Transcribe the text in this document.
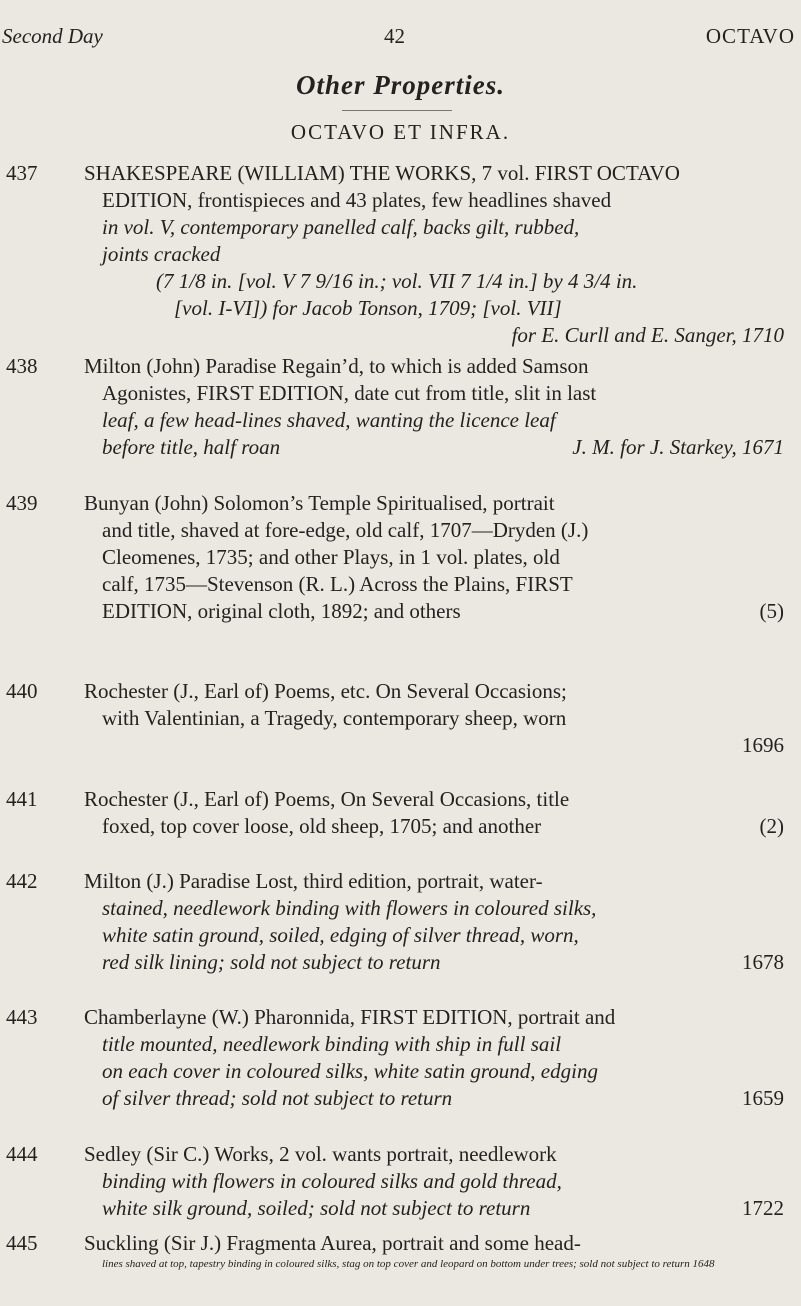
Second Day	42	OCTAVO
Other Properties.
OCTAVO ET INFRA.
437 SHAKESPEARE (WILLIAM) THE WORKS, 7 vol. FIRST OCTAVO
EDITION, frontispieces and 43 plates, few headlines shaved
in vol. V, contemporary panelled calf, backs gilt, rubbed,
joints cracked
(7 1/8 in. [vol. V 7 9/16 in.; vol. VII 7 1/4 in.] by 4 3/4 in.
[vol. I-VI]) for Jacob Tonson, 1709; [vol. VII]
for E. Curll and E. Sanger, 1710
438 Milton (John) Paradise Regain’d, to which is added Samson
Agonistes, FIRST EDITION, date cut from title, slit in last
leaf, a few head-lines shaved, wanting the licence leaf
before title, half roan	J. M. for J. Starkey, 1671
439 Bunyan (John) Solomon’s Temple Spiritualised, portrait
and title, shaved at fore-edge, old calf, 1707—Dryden (J.)
Cleomenes, 1735; and other Plays, in 1 vol. plates, old
calf, 1735—Stevenson (R. L.) Across the Plains, FIRST
EDITION, original cloth, 1892; and others	(5)
440 Rochester (J., Earl of) Poems, etc. On Several Occasions;
with Valentinian, a Tragedy, contemporary sheep, worn
1696
441 Rochester (J., Earl of) Poems, On Several Occasions, title
foxed, top cover loose, old sheep, 1705; and another	(2)
442 Milton (J.) Paradise Lost, third edition, portrait, water-
stained, needlework binding with flowers in coloured silks,
white satin ground, soiled, edging of silver thread, worn,
red silk lining; sold not subject to return	1678
443 Chamberlayne (W.) Pharonnida, FIRST EDITION, portrait and
title mounted, needlework binding with ship in full sail
on each cover in coloured silks, white satin ground, edging
of silver thread; sold not subject to return	1659
444 Sedley (Sir C.) Works, 2 vol. wants portrait, needlework
binding with flowers in coloured silks and gold thread,
white silk ground, soiled; sold not subject to return	1722
445 Suckling (Sir J.) Fragmenta Aurea, portrait and some head-
lines shaved at top, tapestry binding in coloured silks, stag on top cover and leopard on bottom under trees; sold not subject to return 1648
